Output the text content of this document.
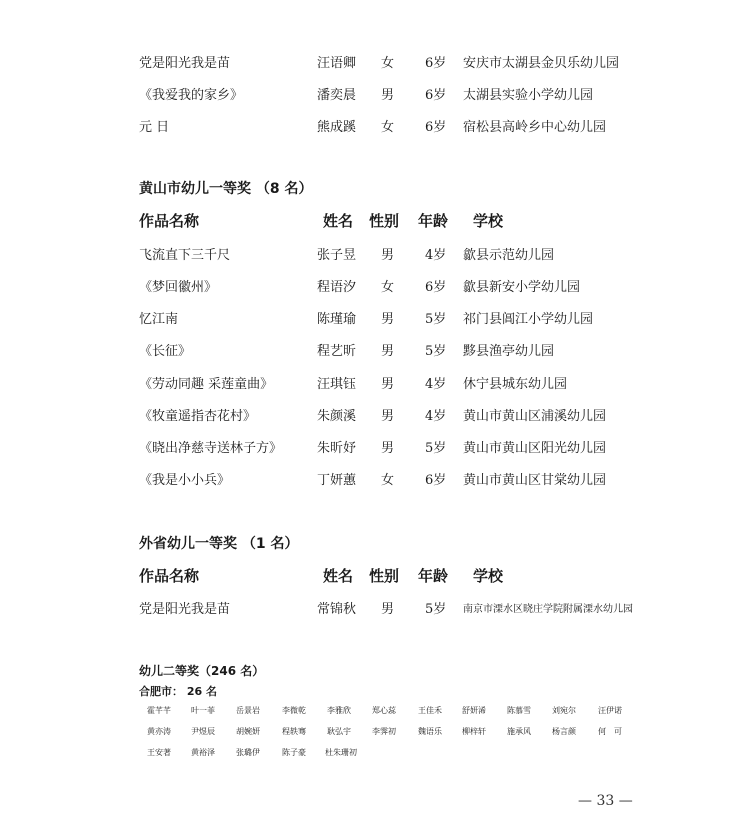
党是阳光我是苗	汪语卿 女 6岁 安庆市太湖县金贝乐幼儿园
《我爱我的家乡》	潘奕晨 男 6岁 太湖县实验小学幼儿园
元 日	熊成蹊 女 6岁 宿松县高岭乡中心幼儿园
黄山市幼儿一等奖 （8 名）
作品名称	姓名 性别 年龄 学校
飞流直下三千尺	张子昱 男 4岁 歙县示范幼儿园
《梦回徽州》	程语汐 女 6岁 歙县新安小学幼儿园
忆江南	陈瑾瑜 男 5岁 祁门县阊江小学幼儿园
《长征》	程艺昕 男 5岁 黟县渔亭幼儿园
《劳动同趣 采莲童曲》	汪琪钰 男 4岁 休宁县城东幼儿园
《牧童遥指杏花村》	朱颜溪 男 4岁 黄山市黄山区浦溪幼儿园
《晓出净慈寺送林子方》	朱昕妤 男 5岁 黄山市黄山区阳光幼儿园
《我是小小兵》	丁妍蕙 女 6岁 黄山市黄山区甘棠幼儿园
外省幼儿一等奖 （1 名）
作品名称	姓名 性别 年龄 学校
党是阳光我是苗	常锦秋 男 5岁 南京市溧水区晓庄学院附属溧水幼儿园
幼儿二等奖（246 名）
合肥市： 26 名
霍芊芊	叶一菲	岳景岩	李微乾	李雅欣	郑心蕊	王佳禾	舒妍浠	陈慕雪	刘宛尔	汪伊诺
黄亦涛	尹煜辰	胡婉妍	程轶骞	耿弘宇	李霁初	魏语乐	柳梓轩	施承风	杨言颜	何　可
王安著	黄裕泽	张璐伊	陈子豪 杜朱珊初
— 33 —
